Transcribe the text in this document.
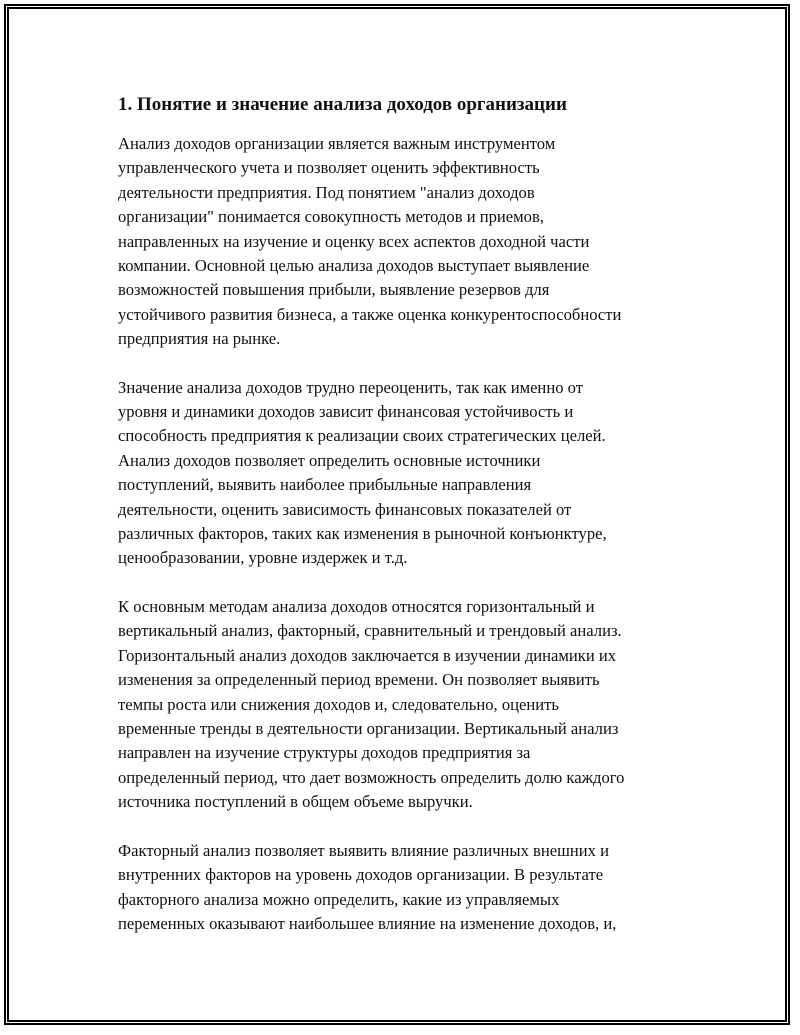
1. Понятие и значение анализа доходов организации

Анализ доходов организации является важным инструментом
управленческого учета и позволяет оценить эффективность
деятельности предприятия. Под понятием "анализ доходов
организации" понимается совокупность методов и приемов,
направленных на изучение и оценку всех аспектов доходной части
компании. Основной целью анализа доходов выступает выявление
возможностей повышения прибыли, выявление резервов для
устойчивого развития бизнеса, а также оценка конкурентоспособности
предприятия на рынке.

Значение анализа доходов трудно переоценить, так как именно от
уровня и динамики доходов зависит финансовая устойчивость и
способность предприятия к реализации своих стратегических целей.
Анализ доходов позволяет определить основные источники
поступлений, выявить наиболее прибыльные направления
деятельности, оценить зависимость финансовых показателей от
различных факторов, таких как изменения в рыночной конъюнктуре,
ценообразовании, уровне издержек и т.д.

К основным методам анализа доходов относятся горизонтальный и
вертикальный анализ, факторный, сравнительный и трендовый анализ.
Горизонтальный анализ доходов заключается в изучении динамики их
изменения за определенный период времени. Он позволяет выявить
темпы роста или снижения доходов и, следовательно, оценить
временные тренды в деятельности организации. Вертикальный анализ
направлен на изучение структуры доходов предприятия за
определенный период, что дает возможность определить долю каждого
источника поступлений в общем объеме выручки.

Факторный анализ позволяет выявить влияние различных внешних и
внутренних факторов на уровень доходов организации. В результате
факторного анализа можно определить, какие из управляемых
переменных оказывают наибольшее влияние на изменение доходов, и,
